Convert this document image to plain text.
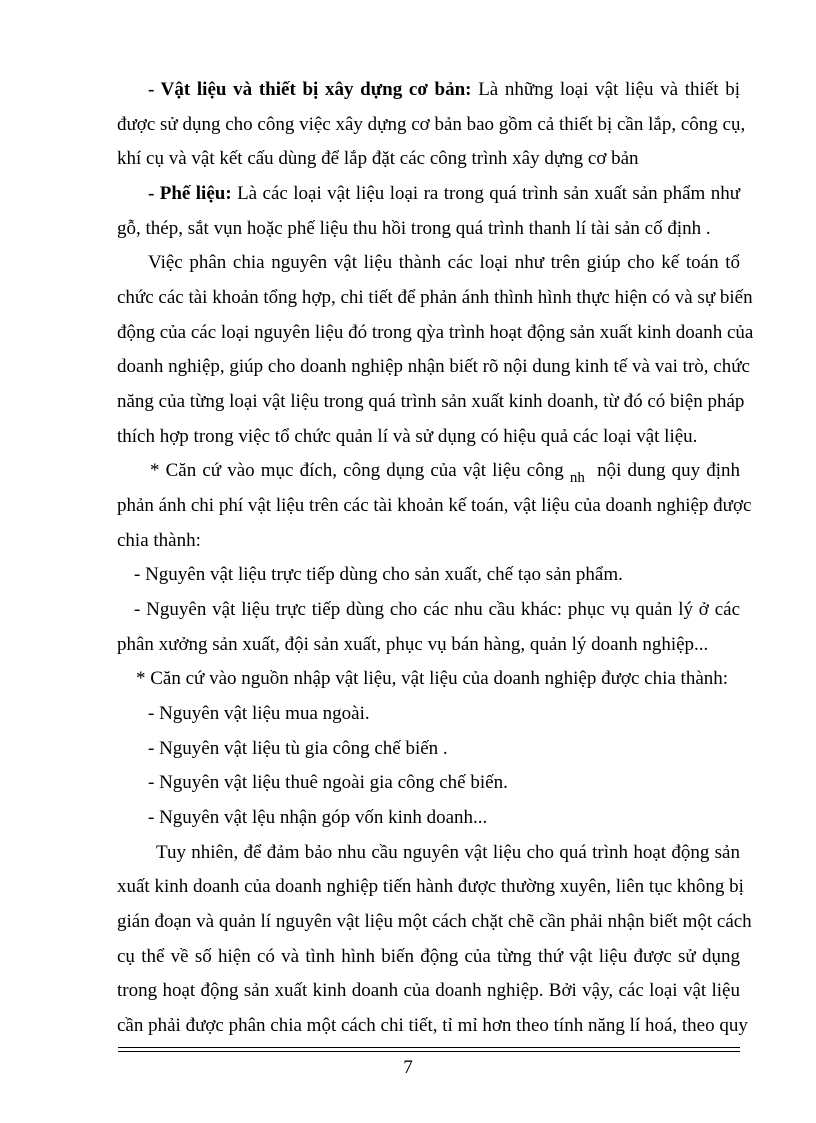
- Vật liệu và thiết bị xây dựng cơ bản: Là những loại vật liệu và thiết bị
được sử dụng cho công việc xây dựng cơ bản bao gồm cả thiết bị cần lắp, công cụ,
khí cụ và vật kết cấu dùng để lắp đặt các công trình xây dựng cơ bản
- Phế liệu: Là các loại vật liệu loại ra trong quá trình sản xuất sản phẩm như
gỗ, thép, sắt vụn hoặc phế liệu thu hồi trong quá trình thanh lí tài sản cố định .
Việc phân chia nguyên vật liệu thành các loại như trên giúp cho kế toán tổ
chức các tài khoản tổng hợp, chi tiết để phản ánh thình hình thực hiện có và sự biến
động của các loại nguyên liệu đó trong qỳa trình hoạt động sản xuất kinh doanh của
doanh nghiệp, giúp cho doanh nghiệp nhận biết rõ nội dung kinh tế và vai trò, chức
năng của từng loại vật liệu trong quá trình sản xuất kinh doanh, từ đó có biện pháp
thích hợp trong việc tổ chức quản lí và sử dụng có hiệu quả các loại vật liệu.
* Căn cứ vào mục đích, công dụng của vật liệu công $_{nh}$ nội dung quy định
phản ánh chi phí vật liệu trên các tài khoản kế toán, vật liệu của doanh nghiệp được
chia thành:
- Nguyên vật liệu trực tiếp dùng cho sản xuất, chế tạo sản phẩm.
- Nguyên vật liệu trực tiếp dùng cho các nhu cầu khác: phục vụ quản lý ở các
phân xưởng sản xuất, đội sản xuất, phục vụ bán hàng, quản lý doanh nghiệp...
* Căn cứ vào nguồn nhập vật liệu, vật liệu của doanh nghiệp được chia thành:
- Nguyên vật liệu mua ngoài.
- Nguyên vật liệu tù gia công chế biến .
- Nguyên vật liệu thuê ngoài gia công chế biến.
- Nguyên vật lệu nhận góp vốn kinh doanh...
Tuy nhiên, để đảm bảo nhu cầu nguyên vật liệu cho quá trình hoạt động sản
xuất kinh doanh của doanh nghiệp tiến hành được thường xuyên, liên tục không bị
gián đoạn và quản lí nguyên vật liệu một cách chặt chẽ cần phải nhận biết một cách
cụ thể về số hiện có và tình hình biến động của từng thứ vật liệu được sử dụng
trong hoạt động sản xuất kinh doanh của doanh nghiệp. Bởi vậy, các loại vật liệu
cần phải được phân chia một cách chi tiết, tỉ mỉ hơn theo tính năng lí hoá, theo quy
7
